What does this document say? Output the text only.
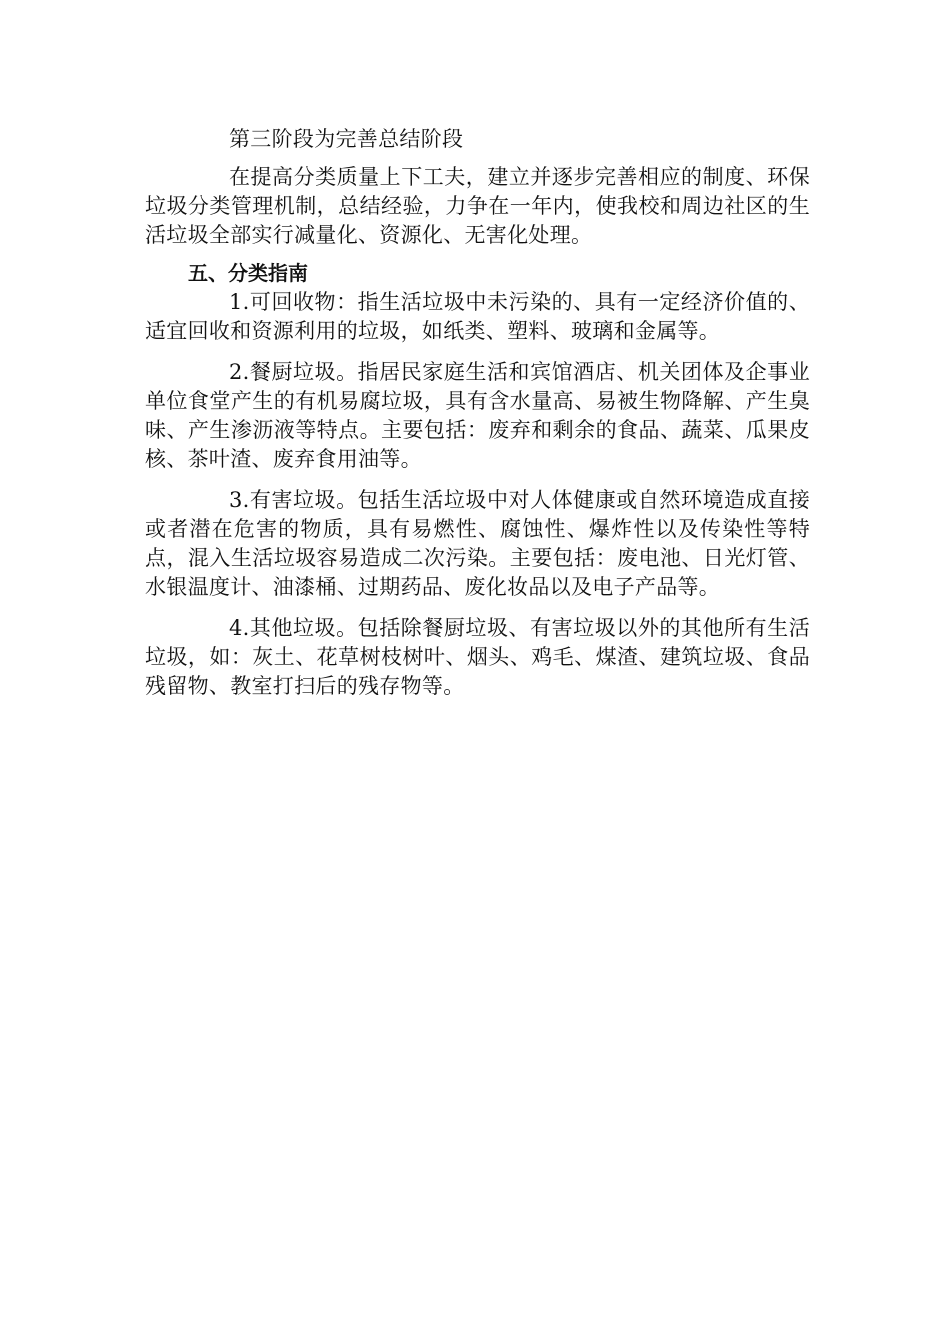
第三阶段为完善总结阶段

在提高分类质量上下工夫，建立并逐步完善相应的制度、环保垃圾分类管理机制，总结经验，力争在一年内，使我校和周边社区的生活垃圾全部实行减量化、资源化、无害化处理。

五、分类指南

1.可回收物：指生活垃圾中未污染的、具有一定经济价值的、适宜回收和资源利用的垃圾，如纸类、塑料、玻璃和金属等。

2.餐厨垃圾。指居民家庭生活和宾馆酒店、机关团体及企事业单位食堂产生的有机易腐垃圾，具有含水量高、易被生物降解、产生臭味、产生渗沥液等特点。主要包括：废弃和剩余的食品、蔬菜、瓜果皮核、茶叶渣、废弃食用油等。

3.有害垃圾。包括生活垃圾中对人体健康或自然环境造成直接或者潜在危害的物质，具有易燃性、腐蚀性、爆炸性以及传染性等特点，混入生活垃圾容易造成二次污染。主要包括：废电池、日光灯管、水银温度计、油漆桶、过期药品、废化妆品以及电子产品等。

4.其他垃圾。包括除餐厨垃圾、有害垃圾以外的其他所有生活垃圾，如：灰土、花草树枝树叶、烟头、鸡毛、煤渣、建筑垃圾、食品残留物、教室打扫后的残存物等。
